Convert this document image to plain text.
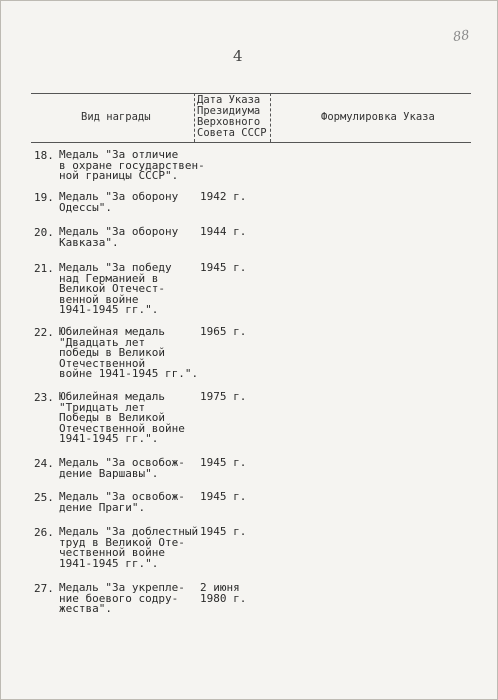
4
88
Вид награды
Дата Указа
Президиума
Верховного
Совета СССР
Формулировка Указа
18. Медаль "За отличие
в охране государствен-
ной границы СССР".
19. Медаль "За оборону
Одессы".
1942 г.
20. Медаль "За оборону
Кавказа".
1944 г.
21. Медаль "За победу
над Германией в
Великой Отечест-
венной войне
1941-1945 гг.".
1945 г.
22. Юбилейная медаль
"Двадцать лет
победы в Великой
Отечественной
войне 1941-1945 гг.".
1965 г.
23. Юбилейная медаль
"Тридцать лет
Победы в Великой
Отечественной войне
1941-1945 гг.".
1975 г.
24. Медаль "За освобож-
дение Варшавы".
1945 г.
25. Медаль "За освобож-
дение Праги".
1945 г.
26. Медаль "За доблестный
труд в Великой Оте-
чественной войне
1941-1945 гг.".
1945 г.
27. Медаль "За укрепле-
ние боевого содру-
жества".
2 июня
1980 г.
